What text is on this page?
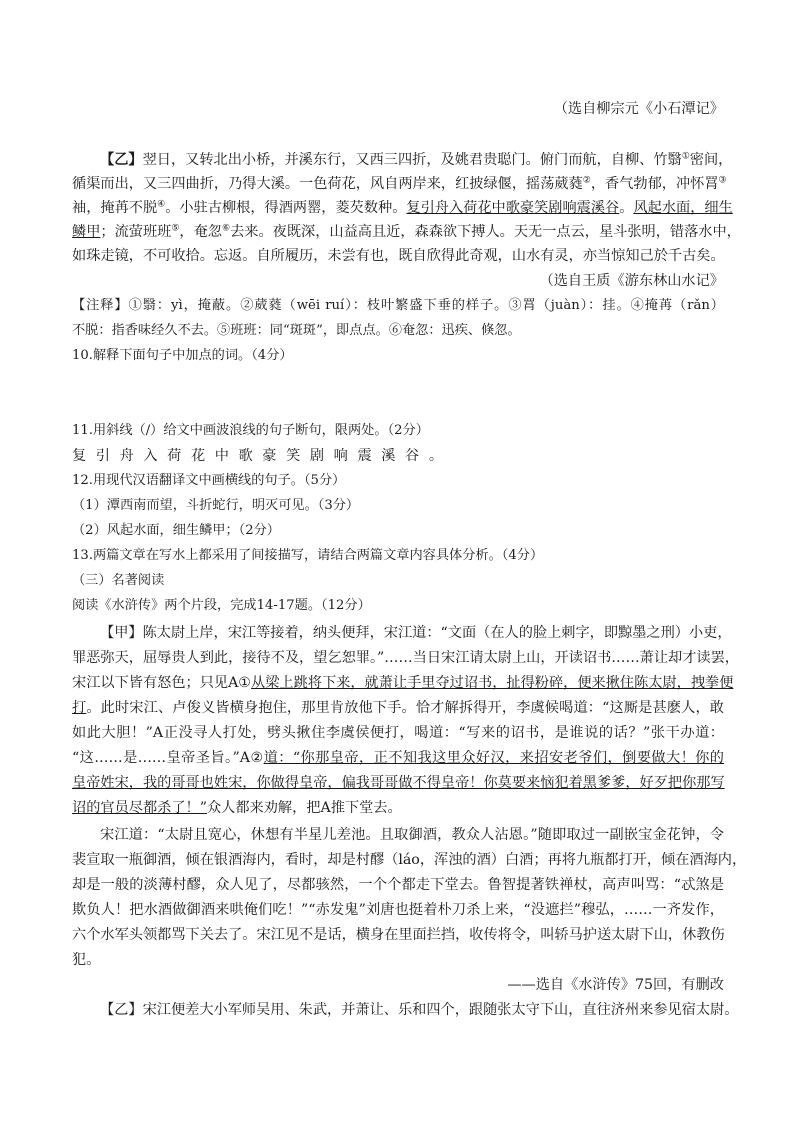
（选自柳宗元《小石潭记》
【乙】翌日，又转北出小桥，并溪东行，又西三四折，及姚君贵聪门。俯门而航，自柳、竹翳①密间，
循渠而出，又三四曲折，乃得大溪。一色荷花，风自两岸来，红披绿偃，摇荡葳蕤②，香气勃郁，冲怀罥③
袖，掩苒不脱④。小驻古柳根，得酒两罂，菱芡数种。复引舟入荷花中歌豪笑剧响震溪谷。风起水面，细生
鳞甲；流萤班班⑤，奄忽⑥去来。夜既深，山益高且近，森森欲下搏人。天无一点云，星斗张明，错落水中，
如珠走镜，不可收拾。忘返。自所履历，未尝有也，既自欣得此奇观，山水有灵，亦当惊知己於千古矣。
（选自王质《游东林山水记》
【注释】①翳：yì，掩蔽。②葳蕤（wēi ruí）：枝叶繁盛下垂的样子。③罥（juàn）：挂。④掩苒（rǎn）
不脱：指香味经久不去。⑤班班：同“斑斑”，即点点。⑥奄忽：迅疾、倏忽。
10.解释下面句子中加点的词。（4分）
11.用斜线（/）给文中画波浪线的句子断句，限两处。（2分）
复引舟入荷花中歌豪笑剧响震溪谷。
12.用现代汉语翻译文中画横线的句子。（5分）
（1）潭西南而望，斗折蛇行，明灭可见。（3分）
（2）风起水面，细生鳞甲；（2分）
13.两篇文章在写水上都采用了间接描写，请结合两篇文章内容具体分析。（4分）
（三）名著阅读
阅读《水浒传》两个片段，完成14-17题。（12分）
【甲】陈太尉上岸，宋江等接着，纳头便拜，宋江道：“文面（在人的脸上刺字，即黥墨之刑）小吏，
罪恶弥天，屈辱贵人到此，接待不及，望乞恕罪。”……当日宋江请太尉上山，开读诏书……萧让却才读罢，
宋江以下皆有怒色；只见A①从梁上跳将下来，就萧让手里夺过诏书，扯得粉碎，便来揪住陈太尉，拽拳便
打。此时宋江、卢俊义皆横身抱住，那里肯放他下手。恰才解拆得开，李虞候喝道：“这厮是甚麽人，敢
如此大胆！”A正没寻人打处，劈头揪住李虞侯便打，喝道：“写来的诏书，是谁说的话？”张干办道：
“这……是……皇帝圣旨。”A②道：“你那皇帝，正不知我这里众好汉，来招安老爷们，倒要做大！你的
皇帝姓宋，我的哥哥也姓宋，你做得皇帝，偏我哥哥做不得皇帝！你莫要来恼犯着黑爹爹，好歹把你那写
诏的官员尽都杀了！”众人都来劝解，把A推下堂去。
宋江道：“太尉且宽心，休想有半星儿差池。且取御酒，教众人沾恩。”随即取过一副嵌宝金花钟，令
裴宣取一瓶御酒，倾在银酒海内，看时，却是村醪（láo，浑浊的酒）白酒；再将九瓶都打开，倾在酒海内，
却是一般的淡薄村醪，众人见了，尽都骇然，一个个都走下堂去。鲁智提著铁禅杖，高声叫骂：“忒煞是
欺负人！把水酒做御酒来哄俺们吃！”“赤发鬼”刘唐也挺着朴刀杀上来，“没遮拦”穆弘，……一齐发作，
六个水军头领都骂下关去了。宋江见不是话，横身在里面拦挡，收传将令，叫轿马护送太尉下山，休教伤
犯。
——选自《水浒传》75回，有删改
【乙】宋江便差大小军师吴用、朱武，并萧让、乐和四个，跟随张太守下山，直往济州来参见宿太尉。
